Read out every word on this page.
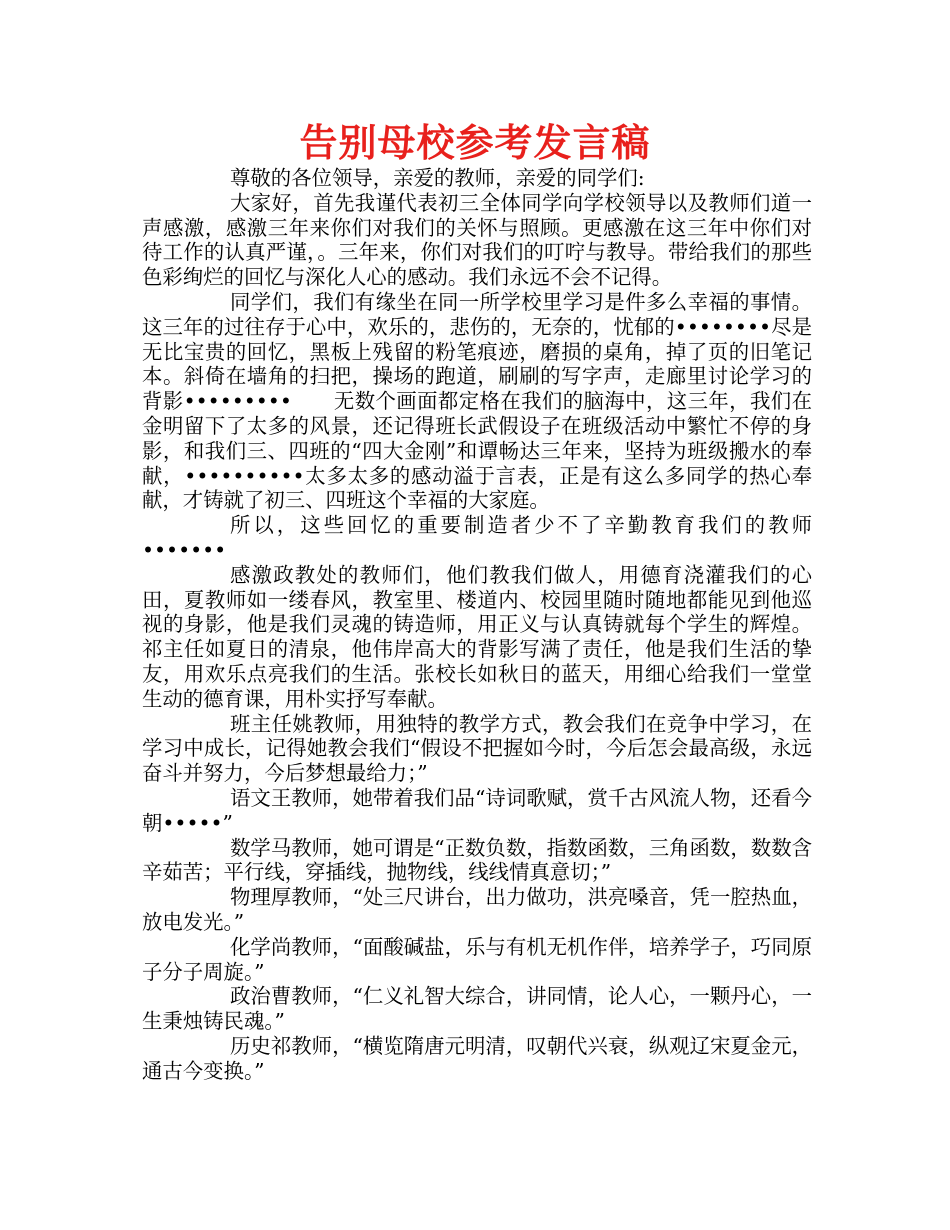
告别母校参考发言稿

尊敬的各位领导，亲爱的教师，亲爱的同学们:

大家好，首先我谨代表初三全体同学向学校领导以及教师们道一声感激，感激三年来你们对我们的关怀与照顾。更感激在这三年中你们对待工作的认真严谨，。三年来，你们对我们的叮咛与教导。带给我们的那些色彩绚烂的回忆与深化人心的感动。我们永远不会不记得。

同学们，我们有缘坐在同一所学校里学习是件多么幸福的事情。这三年的过往存于心中，欢乐的，悲伤的，无奈的，忧郁的••••••••尽是无比宝贵的回忆，黑板上残留的粉笔痕迹，磨损的桌角，掉了页的旧笔记本。斜倚在墙角的扫把，操场的跑道，刷刷的写字声，走廊里讨论学习的背影•••••••••　　无数个画面都定格在我们的脑海中，这三年，我们在金明留下了太多的风景，还记得班长武假设子在班级活动中繁忙不停的身影，和我们三、四班的“四大金刚”和谭畅达三年来，坚持为班级搬水的奉献，••••••••••太多太多的感动溢于言表，正是有这么多同学的热心奉献，才铸就了初三、四班这个幸福的大家庭。

所以，这些回忆的重要制造者少不了辛勤教育我们的教师•••••••

感激政教处的教师们，他们教我们做人，用德育浇灌我们的心田，夏教师如一缕春风，教室里、楼道内、校园里随时随地都能见到他巡视的身影，他是我们灵魂的铸造师，用正义与认真铸就每个学生的辉煌。祁主任如夏日的清泉，他伟岸高大的背影写满了责任，他是我们生活的挚友，用欢乐点亮我们的生活。张校长如秋日的蓝天，用细心给我们一堂堂生动的德育课，用朴实抒写奉献。

班主任姚教师，用独特的教学方式，教会我们在竞争中学习，在学习中成长，记得她教会我们“假设不把握如今时，今后怎会最高级，永远奋斗并努力，今后梦想最给力；”

语文王教师，她带着我们品“诗词歌赋，赏千古风流人物，还看今朝•••••”

数学马教师，她可谓是“正数负数，指数函数，三角函数，数数含辛茹苦；平行线，穿插线，抛物线，线线情真意切；”

物理厚教师，“处三尺讲台，出力做功，洪亮嗓音，凭一腔热血，放电发光。”

化学尚教师，“面酸碱盐，乐与有机无机作伴，培养学子，巧同原子分子周旋。”

政治曹教师，“仁义礼智大综合，讲同情，论人心，一颗丹心，一生秉烛铸民魂。”

历史祁教师，“横览隋唐元明清，叹朝代兴衰，纵观辽宋夏金元，通古今变换。”
